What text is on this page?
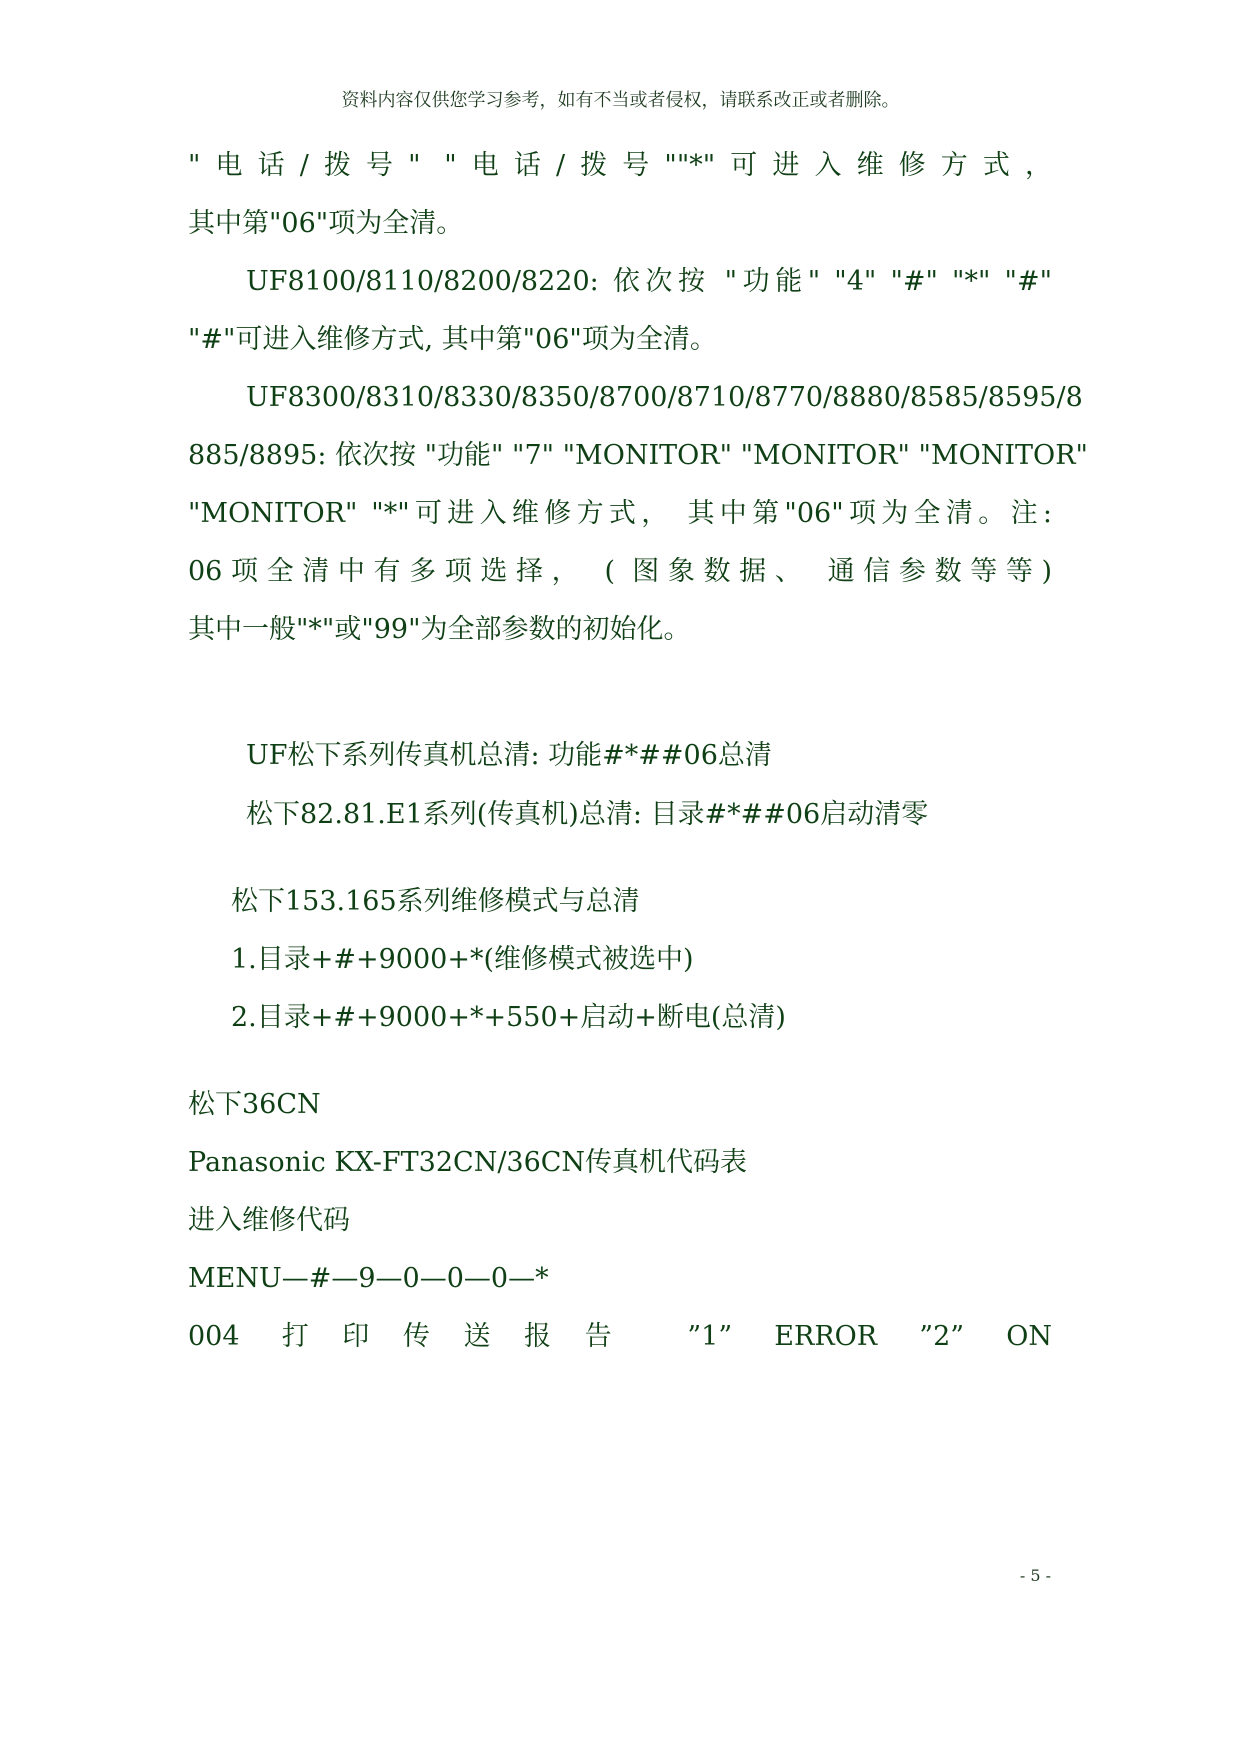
资料内容仅供您学习参考，如有不当或者侵权，请联系改正或者删除。
"电话/拨号" "电话/拨号""*"可进入维修方式，
其中第"06"项为全清。
UF8100/8110/8200/8220: 依次按 "功能" "4" "#" "*" "#"
"#"可进入维修方式, 其中第"06"项为全清。
UF8300/8310/8330/8350/8700/8710/8770/8880/8585/8595/8
885/8895: 依次按 "功能" "7" "MONITOR" "MONITOR" "MONITOR"
"MONITOR" "*"可进入维修方式， 其中第"06"项为全清。注:
06项全清中有多项选择， ( 图象数据、 通信参数等等)
其中一般"*"或"99"为全部参数的初始化。
UF松下系列传真机总清: 功能#*##06总清
松下82.81.E1系列(传真机)总清: 目录#*##06启动清零
松下153.165系列维修模式与总清
1.目录+#+9000+*(维修模式被选中)
2.目录+#+9000+*+550+启动+断电(总清)
松下36CN
Panasonic KX-FT32CN/36CN传真机代码表
进入维修代码
MENU—#—9—0—0—0—*
004 打印传送报告 ”1” ERROR ”2” ON
- 5 -
